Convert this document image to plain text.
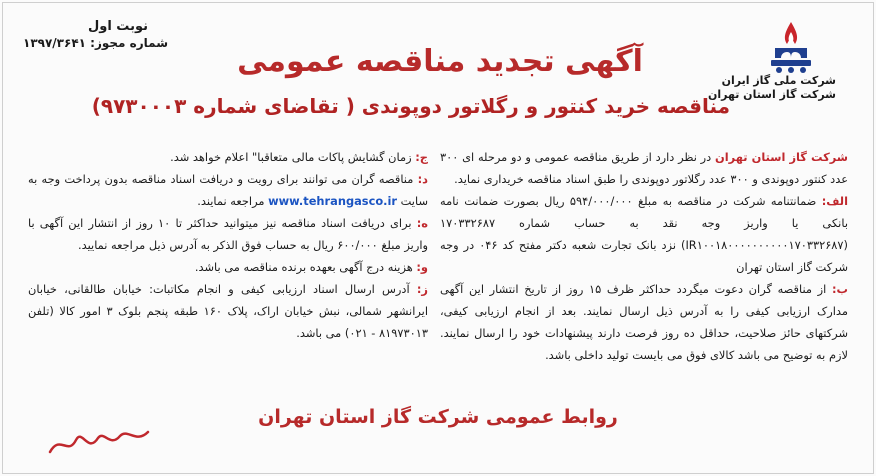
شرکت ملی گاز ایران
شرکت گاز استان تهران
نوبت اول
شماره مجوز: ۱۳۹۷/۳۶۴۱
آگهی تجدید مناقصه عمومی
مناقصه خرید کنتور و رگلاتور دوپوندی ( تقاضای شماره ۹۷۳۰۰۰۳)

شرکت گاز استان تهران در نظر دارد از طریق مناقصه عمومی و دو مرحله ای ۳۰۰ عدد کنتور دوپوندی و ۳۰۰ عدد رگلاتور دوپوندی را طبق اسناد مناقصه خریداری نماید.

الف: ضمانتنامه شرکت در مناقصه به مبلغ ۵۹۴/۰۰۰/۰۰۰ ریال بصورت ضمانت نامه بانکی یا واریز وجه نقد به حساب شماره ۱۷۰۳۳۲۶۸۷ (IR۱۰۰۱۸۰۰۰۰۰۰۰۰۰۰۱۷۰۳۳۲۶۸۷) نزد بانک تجارت شعبه دکتر مفتح کد ۰۴۶ در وجه شرکت گاز استان تهران

ب: از مناقصه گران دعوت میگردد حداکثر ظرف ۱۵ روز از تاریخ انتشار این آگهی مدارک ارزیابی کیفی را به آدرس ذیل ارسال نمایند. بعد از انجام ارزیابی کیفی، شرکتهای حائز صلاحیت، حداقل ده روز فرصت دارند پیشنهادات خود را ارسال نمایند. لازم به توضیح می باشد کالای فوق می بایست تولید داخلی باشد.

ج: زمان گشایش پاکات مالی متعاقبا" اعلام خواهد شد.

د: مناقصه گران می توانند برای رویت و دریافت اسناد مناقصه بدون پرداخت وجه به سایت www.tehrangasco.ir مراجعه نمایند.

ه: برای دریافت اسناد مناقصه نیز میتوانید حداکثر تا ۱۰ روز از انتشار این آگهی با واریز مبلغ ۶۰۰/۰۰۰ ریال به حساب فوق الذکر به آدرس ذیل مراجعه نمایید.

و: هزینه درج آگهی بعهده برنده مناقصه می باشد.

ز: آدرس ارسال اسناد ارزیابی کیفی و انجام مکاتبات: خیابان طالقانی، خیابان ایرانشهر شمالی، نبش خیابان اراک، پلاک ۱۶۰ طبقه پنجم بلوک ۳ امور کالا (تلفن ۸۱۹۷۳۰۱۳ - ۰۲۱) می باشد.

روابط عمومی شرکت گاز استان تهران
